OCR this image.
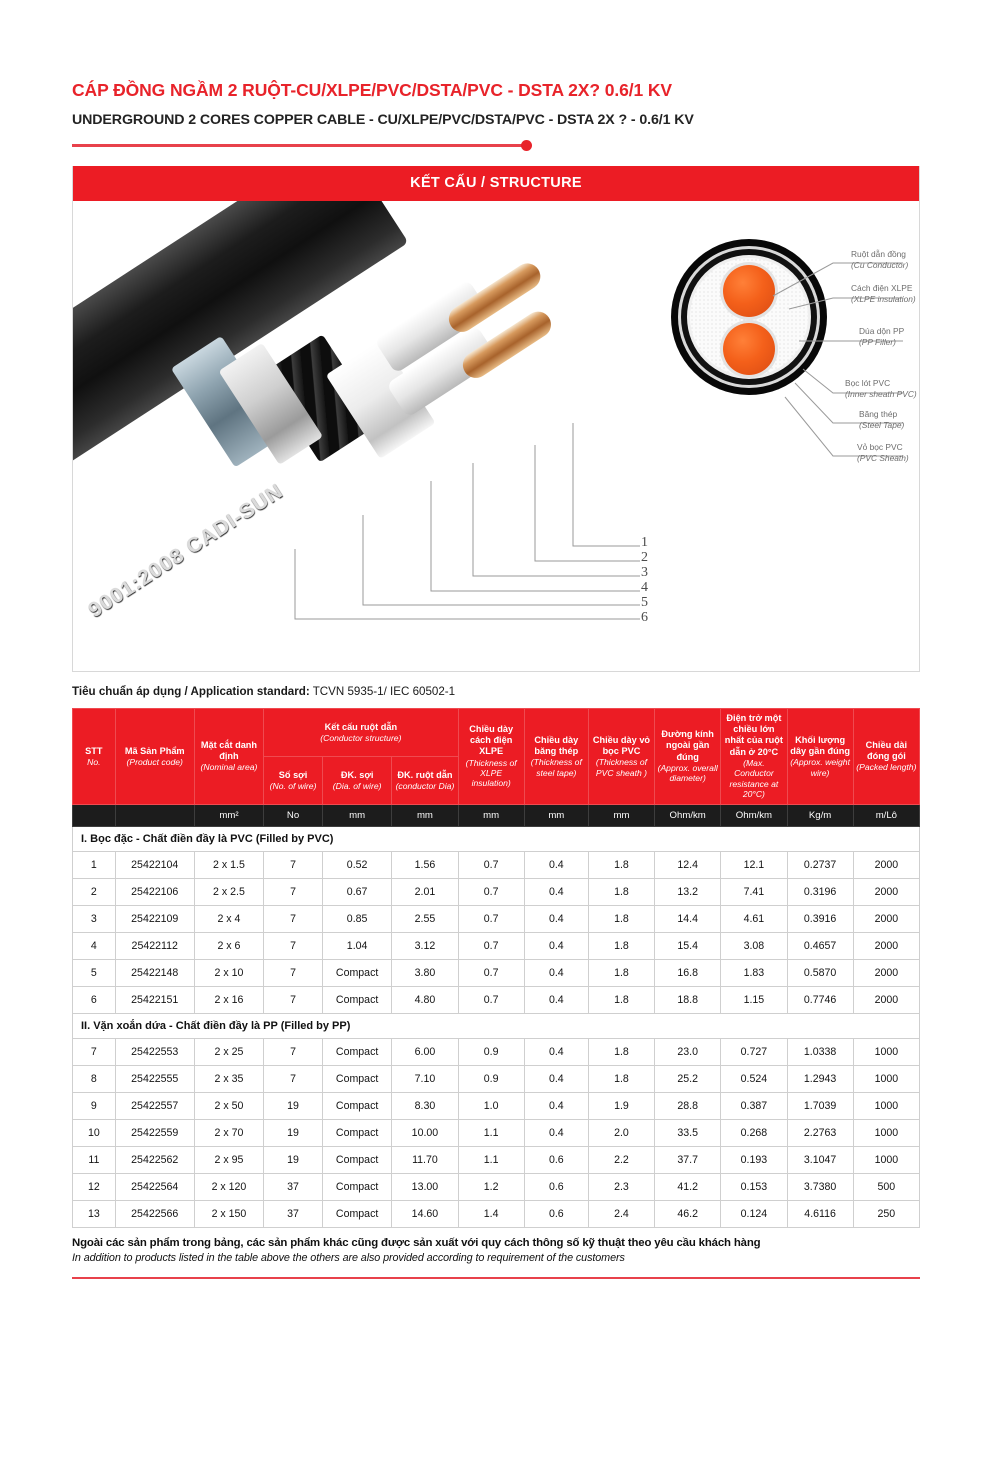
CÁP ĐỒNG NGẦM 2 RUỘT-CU/XLPE/PVC/DSTA/PVC - DSTA 2X? 0.6/1 KV
UNDERGROUND 2 CORES COPPER CABLE - CU/XLPE/PVC/DSTA/PVC - DSTA 2X ? - 0.6/1 KV
KẾT CẤU / STRUCTURE
9001:2008 CADI-SUN	1
2
3
4
5
6
Ruột dẫn đồng
(Cu Conductor)
Cách điện XLPE
(XLPE insulation)
Dúa dộn PP
(PP Filler)
Bọc lót PVC
(Inner sheath PVC)
Băng thép
(Steel Tape)
Vỏ bọc PVC
(PVC Sheath)
Tiêu chuẩn áp dụng / Application standard: TCVN 5935-1/ IEC 60502-1
STT
No.	Mã Sản Phẩm
(Product code)	Mặt cắt danh định
(Nominal area)	Kết cấu ruột dẫn
(Conductor structure)			Chiều dày cách điện XLPE
(Thickness of XLPE insulation)	Chiều dày băng thép
(Thickness of steel tape)	Chiều dày vỏ bọc PVC
(Thickness of PVC sheath )	Đường kính ngoài gần đúng
(Approx. overall diameter)	Điện trở một chiều lớn nhất của ruột dẫn ở 20°C
(Max. Conductor resistance at 20°C)	Khối lượng dây gần đúng
(Approx. weight wire)	Chiều dài đóng gói
(Packed length)

			Số sợi
(No. of wire)	ĐK. sợi
(Dia. of wire)	ĐK. ruột dẫn
(conductor Dia)							

		mm²	No	mm	mm	mm	mm	mm	Ohm/km	Ohm/km	Kg/m	m/Lô
I. Bọc đặc - Chất điền đầy là PVC (Filled by PVC)												
1	25422104	2 x 1.5	7	0.52	1.56	0.7	0.4	1.8	12.4	12.1	0.2737	2000
2	25422106	2 x 2.5	7	0.67	2.01	0.7	0.4	1.8	13.2	7.41	0.3196	2000
3	25422109	2 x 4	7	0.85	2.55	0.7	0.4	1.8	14.4	4.61	0.3916	2000
4	25422112	2 x 6	7	1.04	3.12	0.7	0.4	1.8	15.4	3.08	0.4657	2000
5	25422148	2 x 10	7	Compact	3.80	0.7	0.4	1.8	16.8	1.83	0.5870	2000
6	25422151	2 x 16	7	Compact	4.80	0.7	0.4	1.8	18.8	1.15	0.7746	2000
II. Vặn xoắn dứa - Chất điền đầy là PP (Filled by PP)												
7	25422553	2 x 25	7	Compact	6.00	0.9	0.4	1.8	23.0	0.727	1.0338	1000
8	25422555	2 x 35	7	Compact	7.10	0.9	0.4	1.8	25.2	0.524	1.2943	1000
9	25422557	2 x 50	19	Compact	8.30	1.0	0.4	1.9	28.8	0.387	1.7039	1000
10	25422559	2 x 70	19	Compact	10.00	1.1	0.4	2.0	33.5	0.268	2.2763	1000
11	25422562	2 x 95	19	Compact	11.70	1.1	0.6	2.2	37.7	0.193	3.1047	1000
12	25422564	2 x 120	37	Compact	13.00	1.2	0.6	2.3	41.2	0.153	3.7380	500
13	25422566	2 x 150	37	Compact	14.60	1.4	0.6	2.4	46.2	0.124	4.6116	250
Ngoài các sản phẩm trong bảng, các sản phẩm khác cũng được sản xuất với quy cách thông số kỹ thuật theo yêu cầu khách hàng
In addition to products listed in the table above the others are also provided according to requirement of the customers
